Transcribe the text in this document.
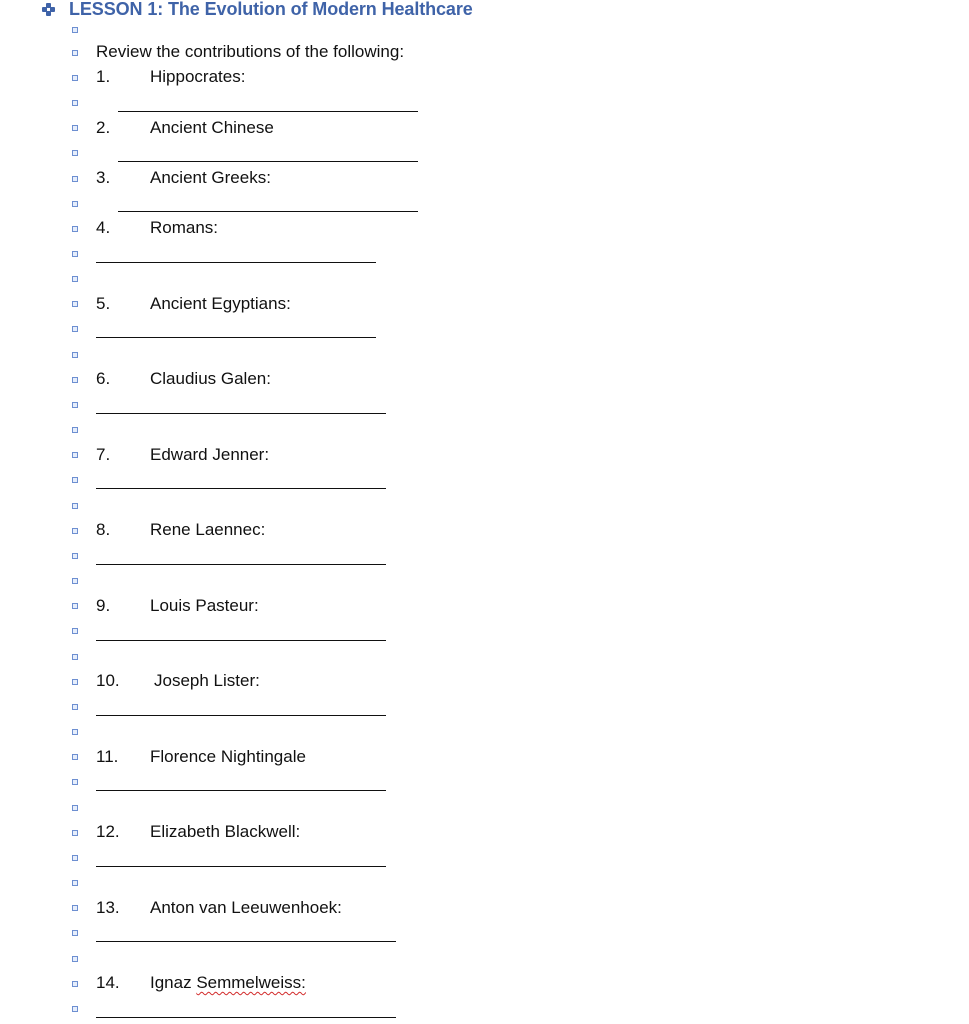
LESSON 1: The Evolution of Modern Healthcare
Review the contributions of the following:
1. Hippocrates:
2. Ancient Chinese
3. Ancient Greeks:
4. Romans:
5. Ancient Egyptians:
6. Claudius Galen:
7. Edward Jenner:
8. Rene Laennec:
9. Louis Pasteur:
10. Joseph Lister:
11. Florence Nightingale
12. Elizabeth Blackwell:
13. Anton van Leeuwenhoek:
14. Ignaz Semmelweiss:
